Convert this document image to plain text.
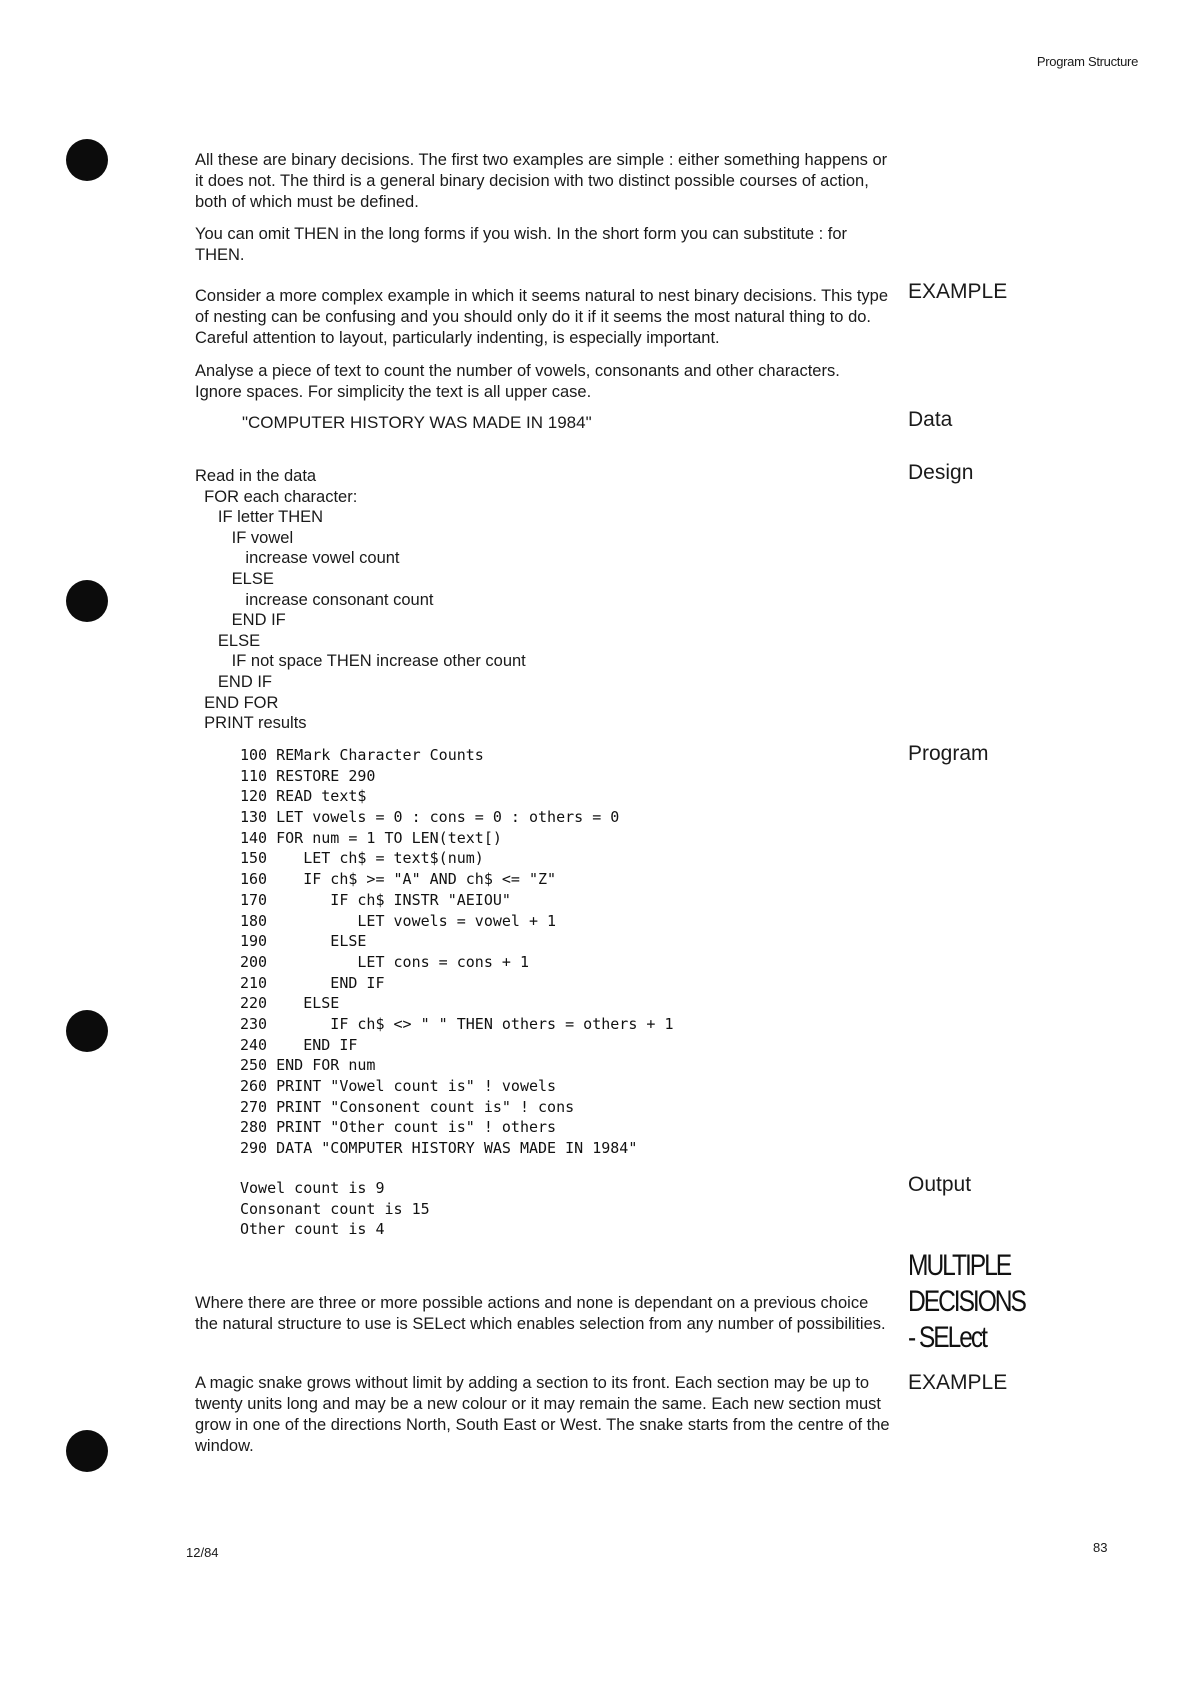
Program Structure
All these are binary decisions. The first two examples are simple : either something happens or it does not. The third is a general binary decision with two distinct possible courses of action, both of which must be defined.
You can omit THEN in the long forms if you wish. In the short form you can substitute : for THEN.
Consider a more complex example in which it seems natural to nest binary decisions. This type of nesting can be confusing and you should only do it if it seems the most natural thing to do. Careful attention to layout, particularly indenting, is especially important.
Analyse a piece of text to count the number of vowels, consonants and other characters. Ignore spaces. For simplicity the text is all upper case.
"COMPUTER HISTORY WAS MADE IN 1984"
EXAMPLE
Data
Design
Program
Output
Read in the data
FOR each character:
IF letter THEN
IF vowel
increase vowel count
ELSE
increase consonant count
END IF
ELSE
IF not space THEN increase other count
END IF
END FOR
PRINT results
100 REMark Character Counts
110 RESTORE 290
120 READ text$
130 LET vowels = 0 : cons = 0 : others = 0
140 FOR num = 1 TO LEN(text[)
150    LET ch$ = text$(num)
160    IF ch$ >= "A" AND ch$ <= "Z"
170       IF ch$ INSTR "AEIOU"
180          LET vowels = vowel + 1
190       ELSE
200          LET cons = cons + 1
210       END IF
220    ELSE
230       IF ch$ <> " " THEN others = others + 1
240    END IF
250 END FOR num
260 PRINT "Vowel count is" ! vowels
270 PRINT "Consonent count is" ! cons
280 PRINT "Other count is" ! others
290 DATA "COMPUTER HISTORY WAS MADE IN 1984"
Vowel count is 9
Consonant count is 15
Other count is 4
MULTIPLE
DECISIONS
- SELect
Where there are three or more possible actions and none is dependant on a previous choice the natural structure to use is SELect which enables selection from any number of possibilities.
A magic snake grows without limit by adding a section to its front. Each section may be up to twenty units long and may be a new colour or it may remain the same. Each new section must grow in one of the directions North, South East or West. The snake starts from the centre of the window.
EXAMPLE
12/84	83
